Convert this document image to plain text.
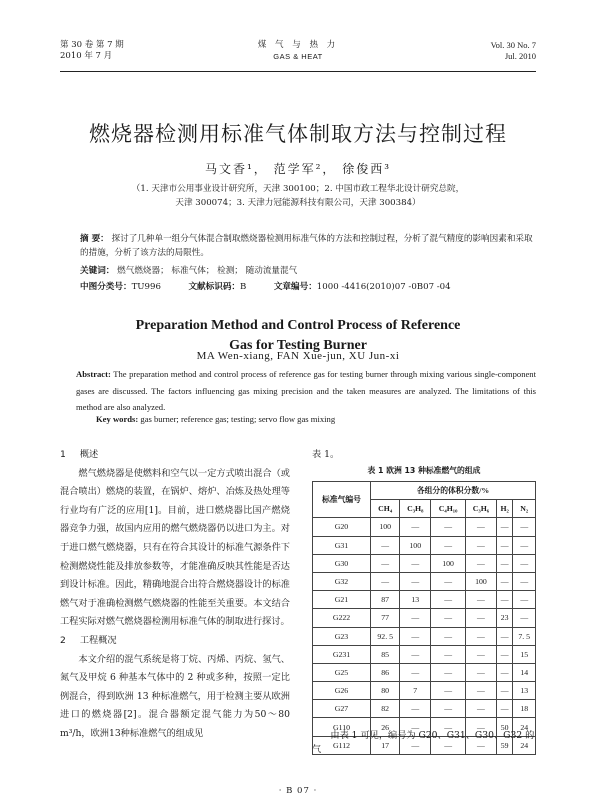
第 30 卷 第 7 期
2010 年 7 月
煤 气 与 热 力
GAS & HEAT
Vol. 30 No. 7
Jul. 2010
燃烧器检测用标准气体制取方法与控制过程
马文香¹， 范学军²， 徐俊西³
（1. 天津市公用事业设计研究所，天津 300100；2. 中国市政工程华北设计研究总院，
天津 300074；3. 天津力冠能源科技有限公司，天津 300384）
摘 要： 探讨了几种单一组分气体混合制取燃烧器检测用标准气体的方法和控制过程，分析了混气精度的影响因素和采取的措施，分析了该方法的局限性。
关键词： 燃气燃烧器； 标准气体； 检测； 随动流量混气
中图分类号：TU996	文献标识码：B	文章编号：1000 -4416(2010)07 -0B07 -04
Preparation Method and Control Process of Reference
Gas for Testing Burner
MA Wen-xiang, FAN Xue-jun, XU Jun-xi
Abstract: The preparation method and control process of reference gas for testing burner through mixing various single-component gases are discussed. The factors influencing gas mixing precision and the taken measures are analyzed. The limitations of this method are also analyzed.
Key words: gas burner; reference gas; testing; servo flow gas mixing
1 概述
燃气燃烧器是使燃料和空气以一定方式喷出混合（或混合喷出）燃烧的装置，在锅炉、熔炉、冶炼及热处理等行业均有广泛的应用[1]。目前，进口燃烧器比国产燃烧器竞争力强，故国内应用的燃气燃烧器仍以进口为主。对于进口燃气燃烧器，只有在符合其设计的标准气源条件下检测燃烧性能及排放参数等，才能准确反映其性能是否达到设计标准。因此，精确地混合出符合燃烧器设计的标准燃气对于准确检测燃气燃烧器的性能至关重要。本文结合工程实际对燃气燃烧器检测用标准气体的制取进行探讨。
2 工程概况
本文介绍的混气系统是将丁烷、丙烯、丙烷、氢气、氮气及甲烷 6 种基本气体中的 2 种或多种，按照一定比例混合，得到欧洲 13 种标准燃气，用于检测主要从欧洲进口的燃烧器[2]。混合器额定混气能力为50～80 m³/h，欧洲13种标准燃气的组成见
表 1。
表 1 欧洲 13 种标准燃气的组成
标准气编号	各组分的体积分数/%					
	CH₄	C₃H₈	C₄H₁₀	C₃H₆	H₂	N₂
G20	100	—	—	—	—	—
G31	—	100	—	—	—	—
G30	—	—	100	—	—	—
G32	—	—	—	100	—	—
G21	87	13	—	—	—	—
G222	77	—	—	—	23	—
G23	92. 5	—	—	—	—	7. 5
G231	85	—	—	—	—	15
G25	86	—	—	—	—	14
G26	80	7	—	—	—	13
G27	82	—	—	—	—	18
G110	26	—	—	—	50	24
G112	17	—	—	—	59	24
由表 1 可见，编号为 G20、G31、G30、G32 的气
· B 07 ·
